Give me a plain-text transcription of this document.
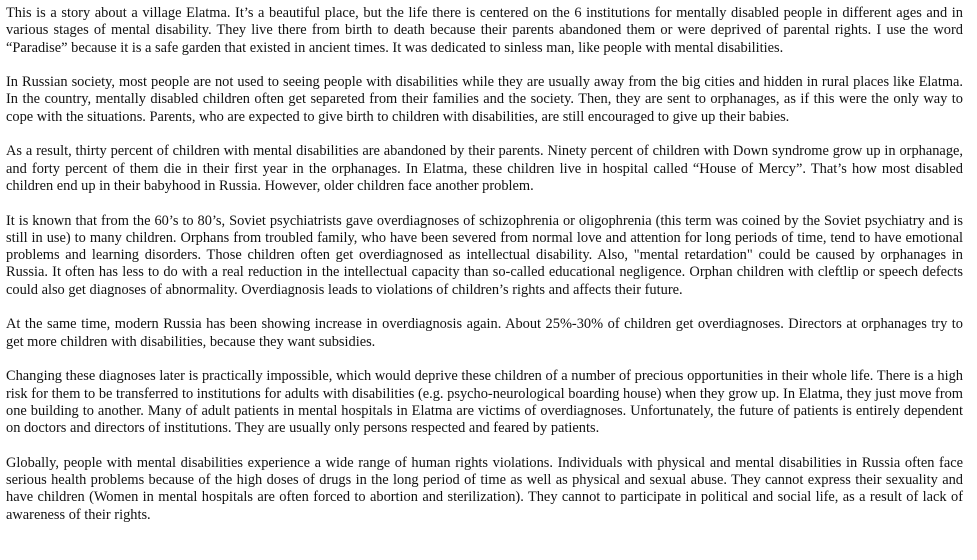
This is a story about a village Elatma. It’s a beautiful place, but the life there is centered on the 6 institutions for mentally disabled people in different ages and in various stages of mental disability. They live there from birth to death because their parents abandoned them or were deprived of parental rights. I use the word “Paradise” because it is a safe garden that existed in ancient times. It was dedicated to sinless man, like people with mental disabilities.

In Russian society, most people are not used to seeing people with disabilities while they are usually away from the big cities and hidden in rural places like Elatma. In the country, mentally disabled children often get separeted from their families and the society. Then, they are sent to orphanages, as if this were the only way to cope with the situations. Parents, who are expected to give birth to children with disabilities, are still encouraged to give up their babies.

As a result, thirty percent of children with mental disabilities are abandoned by their parents. Ninety percent of children with Down syndrome grow up in orphanage, and forty percent of them die in their first year in the orphanages. In Elatma, these children live in hospital called “House of Mercy”. That’s how most disabled children end up in their babyhood in Russia. However, older children face another problem.

It is known that from the 60’s to 80’s, Soviet psychiatrists gave overdiagnoses of schizophrenia or oligophrenia (this term was coined by the Soviet psychiatry and is still in use) to many children. Orphans from troubled family, who have been severed from normal love and attention for long periods of time, tend to have emotional problems and learning disorders. Those children often get overdiagnosed as intellectual disability. Also, "mental retardation" could be caused by orphanages in Russia. It often has less to do with a real reduction in the intellectual capacity than so-called educational negligence. Orphan children with cleftlip or speech defects could also get diagnoses of abnormality. Overdiagnosis leads to violations of children’s rights and affects their future.

At the same time, modern Russia has been showing increase in overdiagnosis again. About 25%-30% of children get overdiagnoses. Directors at orphanages try to get more children with disabilities, because they want subsidies.

Changing these diagnoses later is practically impossible, which would deprive these children of a number of precious opportunities in their whole life. There is a high risk for them to be transferred to institutions for adults with disabilities (e.g. psycho-neurological boarding house) when they grow up. In Elatma, they just move from one building to another. Many of adult patients in mental hospitals in Elatma are victims of overdiagnoses. Unfortunately, the future of patients is entirely dependent on doctors and directors of institutions. They are usually only persons respected and feared by patients.

Globally, people with mental disabilities experience a wide range of human rights violations. Individuals with physical and mental disabilities in Russia often face serious health problems because of the high doses of drugs in the long period of time as well as physical and sexual abuse. They cannot express their sexuality and have children (Women in mental hospitals are often forced to abortion and sterilization). They cannot to participate in political and social life, as a result of lack of awareness of their rights.
